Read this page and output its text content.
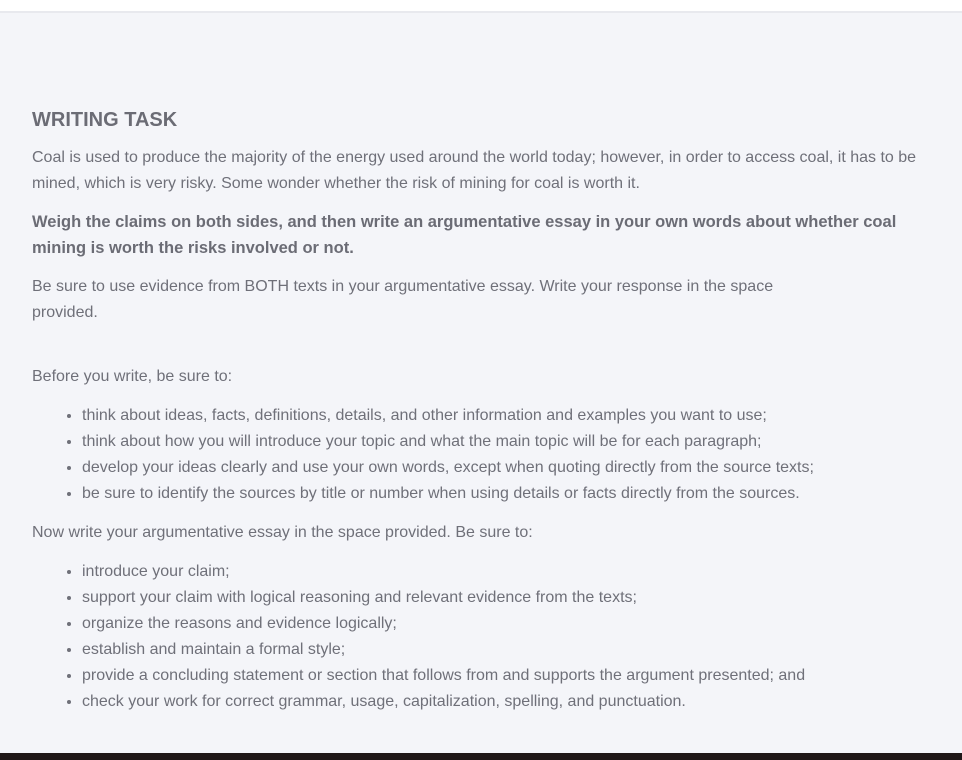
WRITING TASK

Coal is used to produce the majority of the energy used around the world today; however, in order to access coal, it has to be mined, which is very risky. Some wonder whether the risk of mining for coal is worth it.

Weigh the claims on both sides, and then write an argumentative essay in your own words about whether coal mining is worth the risks involved or not.

Be sure to use evidence from BOTH texts in your argumentative essay. Write your response in the space provided.

Before you write, be sure to:

• think about ideas, facts, definitions, details, and other information and examples you want to use;
• think about how you will introduce your topic and what the main topic will be for each paragraph;
• develop your ideas clearly and use your own words, except when quoting directly from the source texts;
• be sure to identify the sources by title or number when using details or facts directly from the sources.

Now write your argumentative essay in the space provided. Be sure to:

• introduce your claim;
• support your claim with logical reasoning and relevant evidence from the texts;
• organize the reasons and evidence logically;
• establish and maintain a formal style;
• provide a concluding statement or section that follows from and supports the argument presented; and
• check your work for correct grammar, usage, capitalization, spelling, and punctuation.
